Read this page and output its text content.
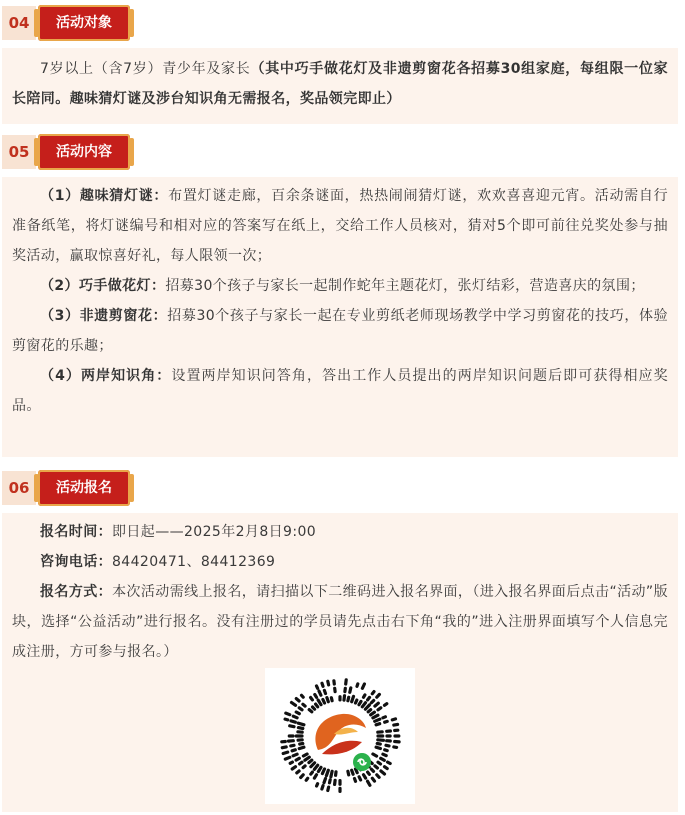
04	活动对象

7岁以上（含7岁）青少年及家长（其中巧手做花灯及非遗剪窗花各招募30组家庭，每组限一位家长陪同。趣味猜灯谜及涉台知识角无需报名，奖品领完即止）

05	活动内容

（1）趣味猜灯谜：布置灯谜走廊，百余条谜面，热热闹闹猜灯谜，欢欢喜喜迎元宵。活动需自行准备纸笔，将灯谜编号和相对应的答案写在纸上，交给工作人员核对，猜对5个即可前往兑奖处参与抽奖活动，赢取惊喜好礼，每人限领一次；

（2）巧手做花灯：招募30个孩子与家长一起制作蛇年主题花灯，张灯结彩，营造喜庆的氛围；

（3）非遗剪窗花：招募30个孩子与家长一起在专业剪纸老师现场教学中学习剪窗花的技巧，体验剪窗花的乐趣；

（4）两岸知识角：设置两岸知识问答角，答出工作人员提出的两岸知识问题后即可获得相应奖品。

06	活动报名

报名时间：即日起——2025年2月8日9:00

咨询电话：84420471、84412369

报名方式：本次活动需线上报名，请扫描以下二维码进入报名界面，（进入报名界面后点击“活动”版块，选择“公益活动”进行报名。没有注册过的学员请先点击右下角“我的”进入注册界面填写个人信息完成注册，方可参与报名。）
